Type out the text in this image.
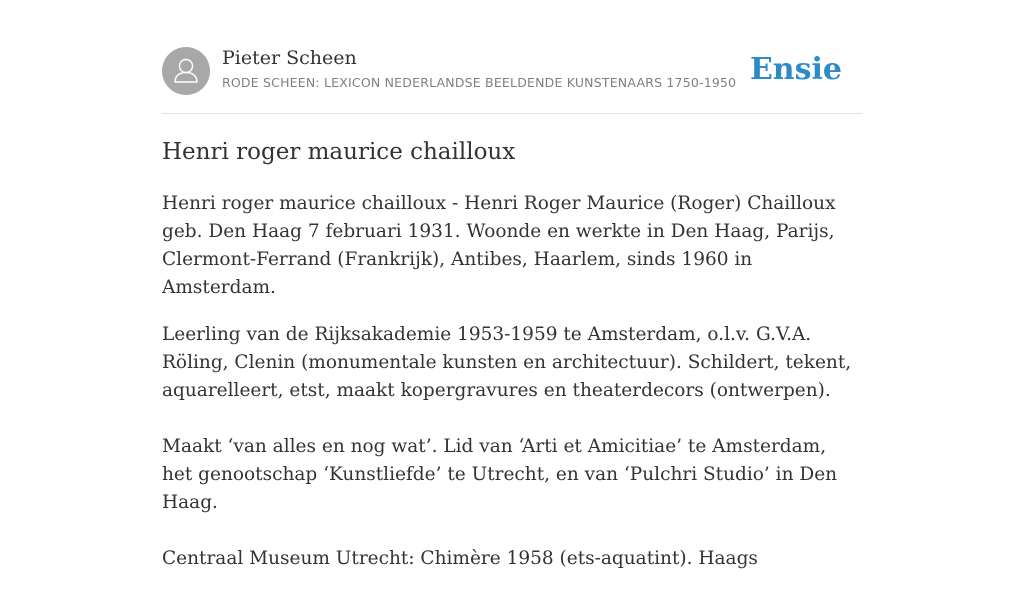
Pieter Scheen
RODE SCHEEN: LEXICON NEDERLANDSE BEELDENDE KUNSTENAARS 1750-1950 Ensie
Henri roger maurice chailloux

Henri roger maurice chailloux - Henri Roger Maurice (Roger) Chailloux geb. Den Haag 7 februari 1931. Woonde en werkte in Den Haag, Parijs, Clermont-Ferrand (Frankrijk), Antibes, Haarlem, sinds 1960 in Amsterdam.

Leerling van de Rijksakademie 1953-1959 te Amsterdam, o.l.v. G.V.A. Röling, Clenin (monumentale kunsten en architectuur). Schildert, tekent, aquarelleert, etst, maakt kopergravures en theaterdecors (ontwerpen).

Maakt ‘van alles en nog wat’. Lid van ‘Arti et Amicitiae’ te Amsterdam, het genootschap ‘Kunstliefde’ te Utrecht, en van ‘Pulchri Studio’ in Den Haag.

Centraal Museum Utrecht: Chimère 1958 (ets-aquatint). Haags
